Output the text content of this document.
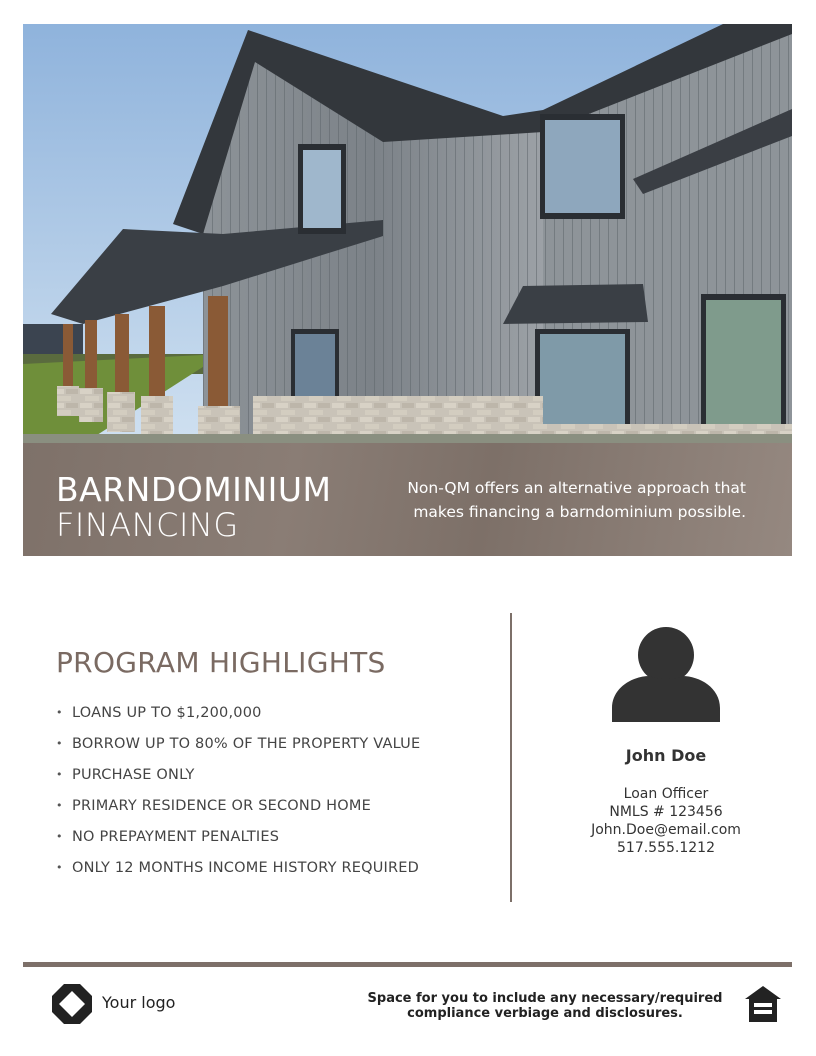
BARNDOMINIUM
FINANCING
Non-QM offers an alternative approach that
makes financing a barndominium possible.
PROGRAM HIGHLIGHTS
• LOANS UP TO $1,200,000
• BORROW UP TO 80% OF THE PROPERTY VALUE
• PURCHASE ONLY
• PRIMARY RESIDENCE OR SECOND HOME
• NO PREPAYMENT PENALTIES
• ONLY 12 MONTHS INCOME HISTORY REQUIRED
John Doe
Loan Officer
NMLS # 123456
John.Doe@email.com
517.555.1212
Your logo	Space for you to include any necessary/required
compliance verbiage and disclosures.
